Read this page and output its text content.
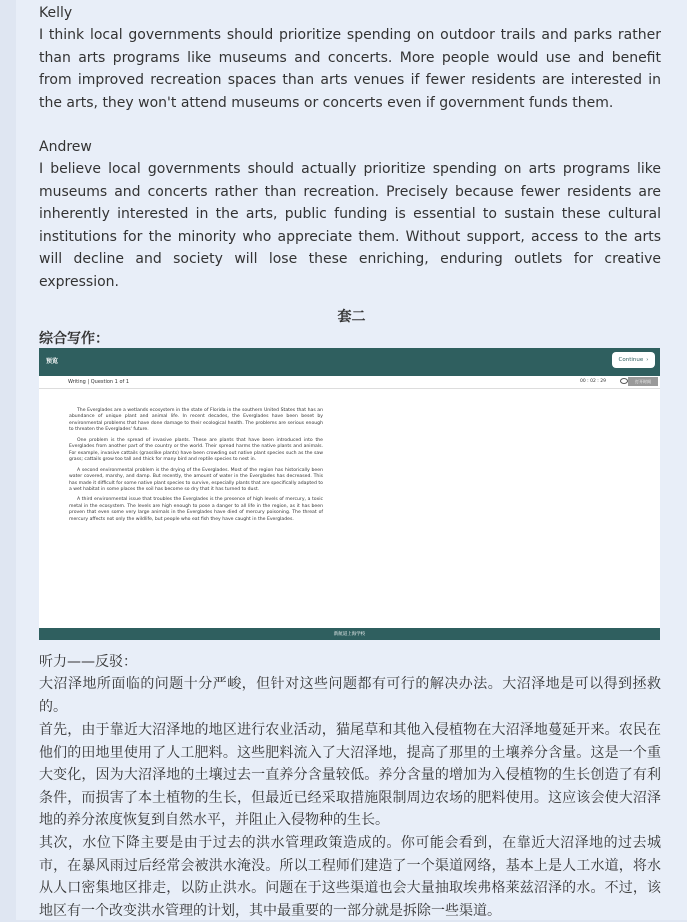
Kelly
I think local governments should prioritize spending on outdoor trails and parks rather than arts programs like museums and concerts. More people would use and benefit from improved recreation spaces than arts venues if fewer residents are interested in the arts, they won't attend museums or concerts even if government funds them.
Andrew
I believe local governments should actually prioritize spending on arts programs like museums and concerts rather than recreation. Precisely because fewer residents are inherently interested in the arts, public funding is essential to sustain these cultural institutions for the minority who appreciate them. Without support, access to the arts will decline and society will lose these enriching, enduring outlets for creative expression.
套二
综合写作：
预览	Continue ›
Writing | Question 1 of 1	00 : 02 : 29	打开时间

The Everglades are a wetlands ecosystem in the state of Florida in the southern United States that has an abundance of unique plant and animal life. In recent decades, the Everglades have been beset by environmental problems that have done damage to their ecological health. The problems are serious enough to threaten the Everglades' future.

One problem is the spread of invasive plants. These are plants that have been introduced into the Everglades from another part of the country or the world. Their spread harms the native plants and animals. For example, invasive cattails (grasslike plants) have been crowding out native plant species such as the saw grass; cattails grow too tall and thick for many bird and reptile species to nest in.

A second environmental problem is the drying of the Everglades. Most of the region has historically been water covered, marshy, and damp. But recently, the amount of water in the Everglades has decreased. This has made it difficult for some native plant species to survive, especially plants that are specifically adapted to a wet habitat in some places the soil has become so dry that it has turned to dust.

A third environmental issue that troubles the Everglades is the presence of high levels of mercury, a toxic metal in the ecosystem. The levels are high enough to pose a danger to all life in the region, as it has been proven that even some very large animals in the Everglades have died of mercury poisoning. The threat of mercury affects not only the wildlife, but people who eat fish they have caught in the Everglades.

新航道上海学校
听力——反驳：
大沼泽地所面临的问题十分严峻，但针对这些问题都有可行的解决办法。大沼泽地是可以得到拯救的。
首先，由于靠近大沼泽地的地区进行农业活动，猫尾草和其他入侵植物在大沼泽地蔓延开来。农民在他们的田地里使用了人工肥料。这些肥料流入了大沼泽地，提高了那里的土壤养分含量。这是一个重大变化，因为大沼泽地的土壤过去一直养分含量较低。养分含量的增加为入侵植物的生长创造了有利条件，而损害了本土植物的生长，但最近已经采取措施限制周边农场的肥料使用。这应该会使大沼泽地的养分浓度恢复到自然水平，并阻止入侵物种的生长。
其次，水位下降主要是由于过去的洪水管理政策造成的。你可能会看到，在靠近大沼泽地的过去城市，在暴风雨过后经常会被洪水淹没。所以工程师们建造了一个渠道网络，基本上是人工水道，将水从人口密集地区排走，以防止洪水。问题在于这些渠道也会大量抽取埃弗格莱兹沼泽的水。不过，该地区有一个改变洪水管理的计划，其中最重要的一部分就是拆除一些渠道。
